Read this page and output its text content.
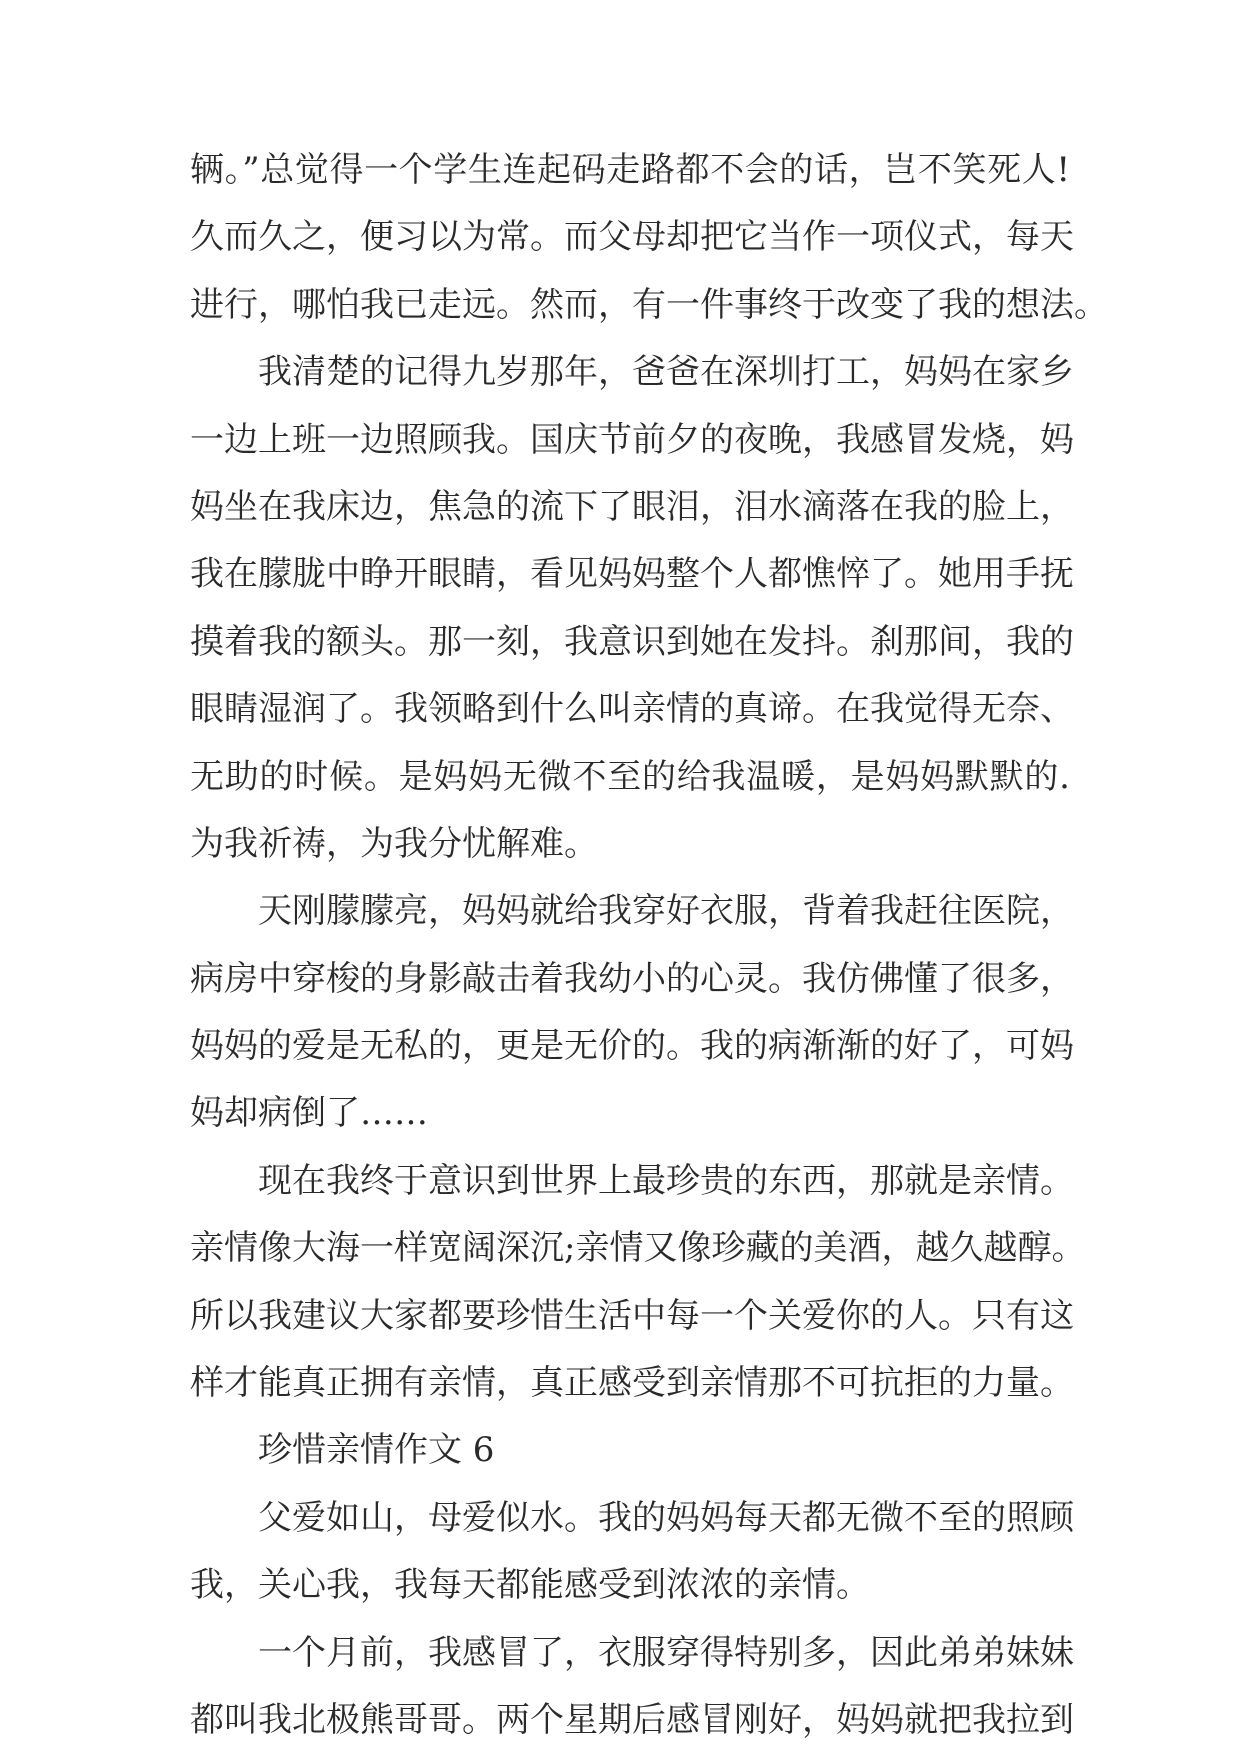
辆。”总觉得一个学生连起码走路都不会的话，岂不笑死人!
久而久之，便习以为常。而父母却把它当作一项仪式，每天
进行，哪怕我已走远。然而，有一件事终于改变了我的想法。
我清楚的记得九岁那年，爸爸在深圳打工，妈妈在家乡
一边上班一边照顾我。国庆节前夕的夜晚，我感冒发烧，妈
妈坐在我床边，焦急的流下了眼泪，泪水滴落在我的脸上，
我在朦胧中睁开眼睛，看见妈妈整个人都憔悴了。她用手抚
摸着我的额头。那一刻，我意识到她在发抖。刹那间，我的
眼睛湿润了。我领略到什么叫亲情的真谛。在我觉得无奈、
无助的时候。是妈妈无微不至的给我温暖，是妈妈默默的.
为我祈祷，为我分忧解难。
天刚朦朦亮，妈妈就给我穿好衣服，背着我赶往医院，
病房中穿梭的身影敲击着我幼小的心灵。我仿佛懂了很多，
妈妈的爱是无私的，更是无价的。我的病渐渐的好了，可妈
妈却病倒了……
现在我终于意识到世界上最珍贵的东西，那就是亲情。
亲情像大海一样宽阔深沉;亲情又像珍藏的美酒，越久越醇。
所以我建议大家都要珍惜生活中每一个关爱你的人。只有这
样才能真正拥有亲情，真正感受到亲情那不可抗拒的力量。
珍惜亲情作文 6
父爱如山，母爱似水。我的妈妈每天都无微不至的照顾
我，关心我，我每天都能感受到浓浓的亲情。
一个月前，我感冒了，衣服穿得特别多，因此弟弟妹妹
都叫我北极熊哥哥。两个星期后感冒刚好，妈妈就把我拉到
